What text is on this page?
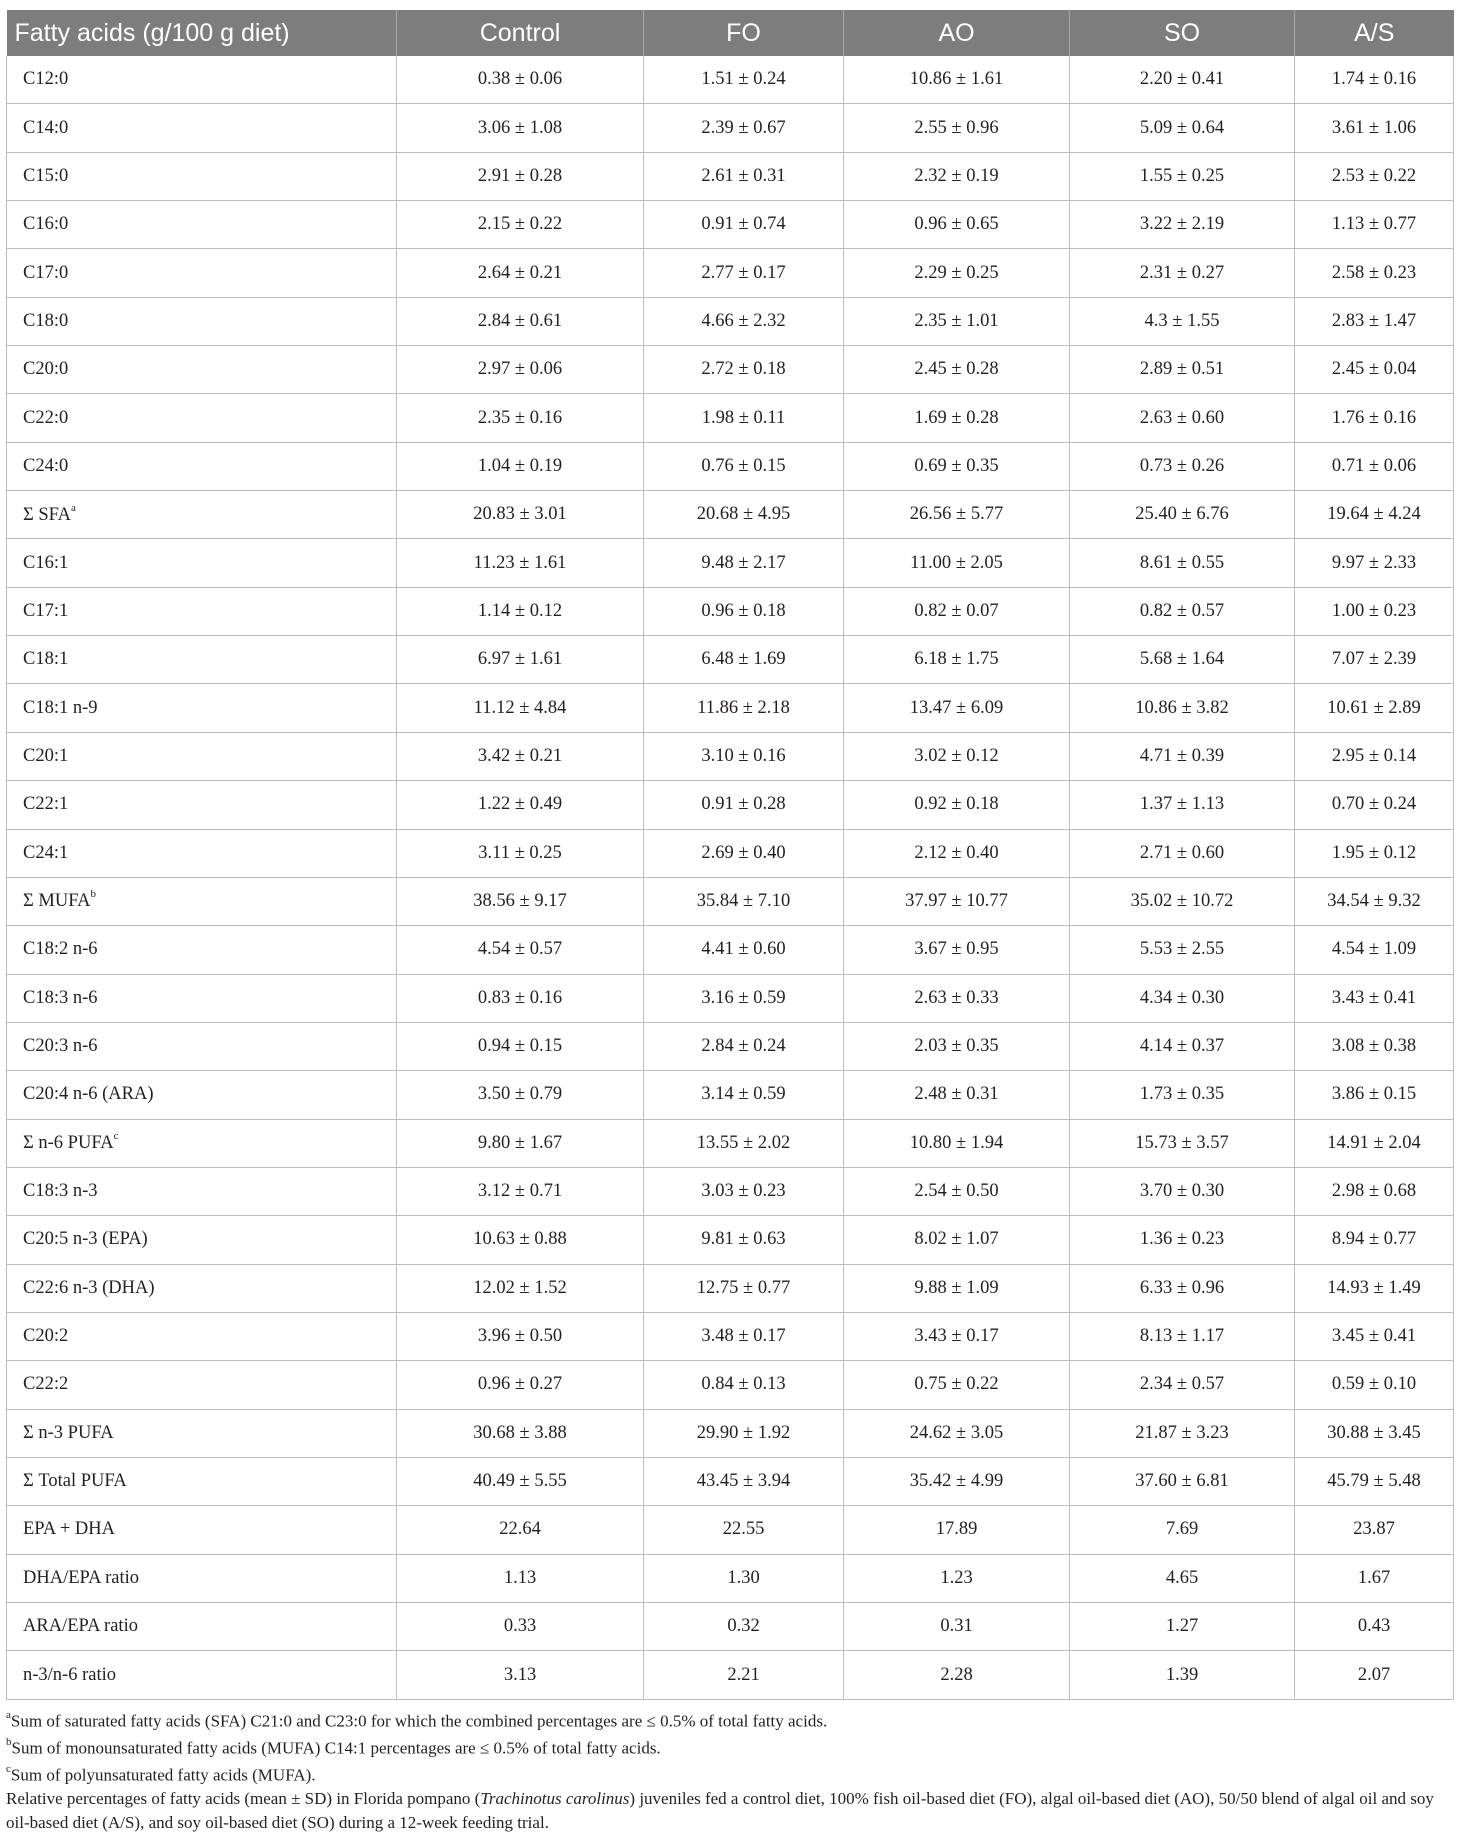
Fatty acids (g/100 g diet)	Control	FO	AO	SO	A/S
C12:0	0.38 ± 0.06	1.51 ± 0.24	10.86 ± 1.61	2.20 ± 0.41	1.74 ± 0.16
C14:0	3.06 ± 1.08	2.39 ± 0.67	2.55 ± 0.96	5.09 ± 0.64	3.61 ± 1.06
C15:0	2.91 ± 0.28	2.61 ± 0.31	2.32 ± 0.19	1.55 ± 0.25	2.53 ± 0.22
C16:0	2.15 ± 0.22	0.91 ± 0.74	0.96 ± 0.65	3.22 ± 2.19	1.13 ± 0.77
C17:0	2.64 ± 0.21	2.77 ± 0.17	2.29 ± 0.25	2.31 ± 0.27	2.58 ± 0.23
C18:0	2.84 ± 0.61	4.66 ± 2.32	2.35 ± 1.01	4.3 ± 1.55	2.83 ± 1.47
C20:0	2.97 ± 0.06	2.72 ± 0.18	2.45 ± 0.28	2.89 ± 0.51	2.45 ± 0.04
C22:0	2.35 ± 0.16	1.98 ± 0.11	1.69 ± 0.28	2.63 ± 0.60	1.76 ± 0.16
C24:0	1.04 ± 0.19	0.76 ± 0.15	0.69 ± 0.35	0.73 ± 0.26	0.71 ± 0.06
Σ SFA$^a$	20.83 ± 3.01	20.68 ± 4.95	26.56 ± 5.77	25.40 ± 6.76	19.64 ± 4.24
C16:1	11.23 ± 1.61	9.48 ± 2.17	11.00 ± 2.05	8.61 ± 0.55	9.97 ± 2.33
C17:1	1.14 ± 0.12	0.96 ± 0.18	0.82 ± 0.07	0.82 ± 0.57	1.00 ± 0.23
C18:1	6.97 ± 1.61	6.48 ± 1.69	6.18 ± 1.75	5.68 ± 1.64	7.07 ± 2.39
C18:1 n-9	11.12 ± 4.84	11.86 ± 2.18	13.47 ± 6.09	10.86 ± 3.82	10.61 ± 2.89
C20:1	3.42 ± 0.21	3.10 ± 0.16	3.02 ± 0.12	4.71 ± 0.39	2.95 ± 0.14
C22:1	1.22 ± 0.49	0.91 ± 0.28	0.92 ± 0.18	1.37 ± 1.13	0.70 ± 0.24
C24:1	3.11 ± 0.25	2.69 ± 0.40	2.12 ± 0.40	2.71 ± 0.60	1.95 ± 0.12
Σ MUFA$^b$	38.56 ± 9.17	35.84 ± 7.10	37.97 ± 10.77	35.02 ± 10.72	34.54 ± 9.32
C18:2 n-6	4.54 ± 0.57	4.41 ± 0.60	3.67 ± 0.95	5.53 ± 2.55	4.54 ± 1.09
C18:3 n-6	0.83 ± 0.16	3.16 ± 0.59	2.63 ± 0.33	4.34 ± 0.30	3.43 ± 0.41
C20:3 n-6	0.94 ± 0.15	2.84 ± 0.24	2.03 ± 0.35	4.14 ± 0.37	3.08 ± 0.38
C20:4 n-6 (ARA)	3.50 ± 0.79	3.14 ± 0.59	2.48 ± 0.31	1.73 ± 0.35	3.86 ± 0.15
Σ n-6 PUFA$^c$	9.80 ± 1.67	13.55 ± 2.02	10.80 ± 1.94	15.73 ± 3.57	14.91 ± 2.04
C18:3 n-3	3.12 ± 0.71	3.03 ± 0.23	2.54 ± 0.50	3.70 ± 0.30	2.98 ± 0.68
C20:5 n-3 (EPA)	10.63 ± 0.88	9.81 ± 0.63	8.02 ± 1.07	1.36 ± 0.23	8.94 ± 0.77
C22:6 n-3 (DHA)	12.02 ± 1.52	12.75 ± 0.77	9.88 ± 1.09	6.33 ± 0.96	14.93 ± 1.49
C20:2	3.96 ± 0.50	3.48 ± 0.17	3.43 ± 0.17	8.13 ± 1.17	3.45 ± 0.41
C22:2	0.96 ± 0.27	0.84 ± 0.13	0.75 ± 0.22	2.34 ± 0.57	0.59 ± 0.10
Σ n-3 PUFA	30.68 ± 3.88	29.90 ± 1.92	24.62 ± 3.05	21.87 ± 3.23	30.88 ± 3.45
Σ Total PUFA	40.49 ± 5.55	43.45 ± 3.94	35.42 ± 4.99	37.60 ± 6.81	45.79 ± 5.48
EPA + DHA	22.64	22.55	17.89	7.69	23.87
DHA/EPA ratio	1.13	1.30	1.23	4.65	1.67
ARA/EPA ratio	0.33	0.32	0.31	1.27	0.43
n-3/n-6 ratio	3.13	2.21	2.28	1.39	2.07

$^a$Sum of saturated fatty acids (SFA) C21:0 and C23:0 for which the combined percentages are ≤ 0.5% of total fatty acids.

$^b$Sum of monounsaturated fatty acids (MUFA) C14:1 percentages are ≤ 0.5% of total fatty acids.

$^c$Sum of polyunsaturated fatty acids (MUFA).

Relative percentages of fatty acids (mean ± SD) in Florida pompano (Trachinotus carolinus) juveniles fed a control diet, 100% fish oil-based diet (FO), algal oil-based diet (AO), 50/50 blend of algal oil and soy oil-based diet (A/S), and soy oil-based diet (SO) during a 12-week feeding trial.
